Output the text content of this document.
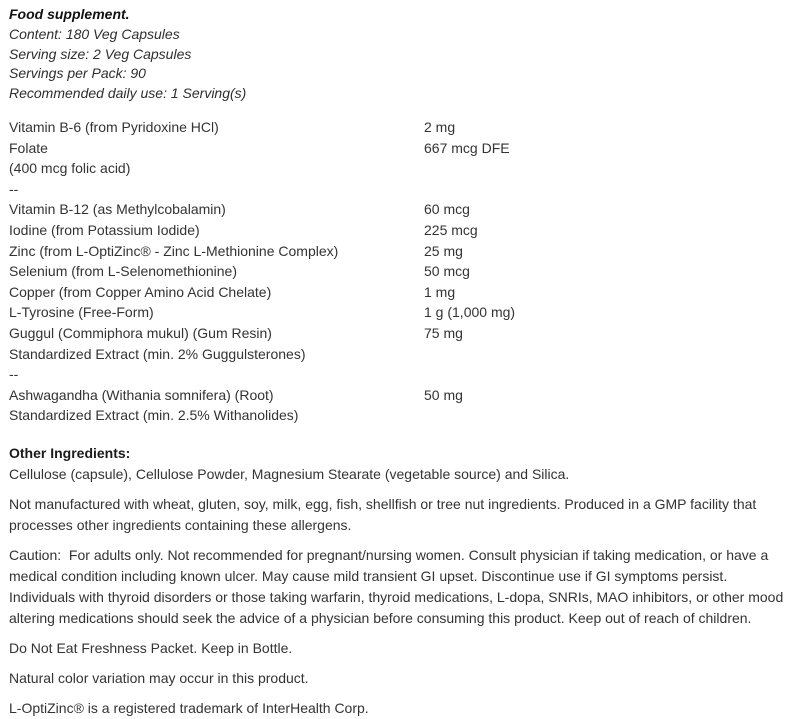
Food supplement.
Content: 180 Veg Capsules
Serving size: 2 Veg Capsules
Servings per Pack: 90
Recommended daily use: 1 Serving(s)
Vitamin B-6 (from Pyridoxine HCl)	2 mg
Folate	667 mcg DFE
(400 mcg folic acid)
--
Vitamin B-12 (as Methylcobalamin)	60 mcg
Iodine (from Potassium Iodide)	225 mcg
Zinc (from L-OptiZinc® - Zinc L-Methionine Complex)	25 mg
Selenium (from L-Selenomethionine)	50 mcg
Copper (from Copper Amino Acid Chelate)	1 mg
L-Tyrosine (Free-Form)	1 g (1,000 mg)
Guggul (Commiphora mukul) (Gum Resin)	75 mg
Standardized Extract (min. 2% Guggulsterones)
--
Ashwagandha (Withania somnifera) (Root)	50 mg
Standardized Extract (min. 2.5% Withanolides)

Other Ingredients:

Cellulose (capsule), Cellulose Powder, Magnesium Stearate (vegetable source) and Silica.

Not manufactured with wheat, gluten, soy, milk, egg, fish, shellfish or tree nut ingredients. Produced in a GMP facility that processes other ingredients containing these allergens.

Caution:  For adults only. Not recommended for pregnant/nursing women. Consult physician if taking medication, or have a medical condition including known ulcer. May cause mild transient GI upset. Discontinue use if GI symptoms persist. Individuals with thyroid disorders or those taking warfarin, thyroid medications, L-dopa, SNRIs, MAO inhibitors, or other mood altering medications should seek the advice of a physician before consuming this product. Keep out of reach of children.

Do Not Eat Freshness Packet. Keep in Bottle.

Natural color variation may occur in this product.

L-OptiZinc® is a registered trademark of InterHealth Corp.
